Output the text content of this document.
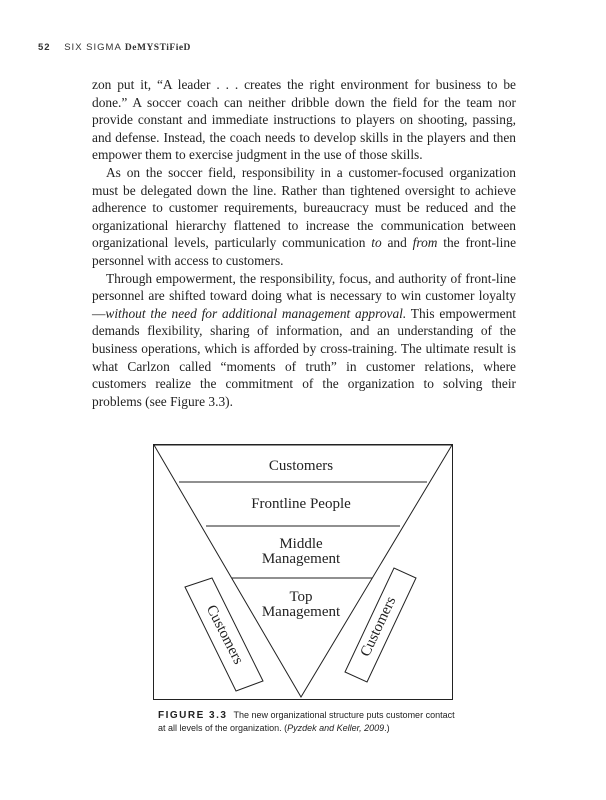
52 SIX SIGMA DeMYSTiFieD

zon put it, “A leader . . . creates the right environment for business to be done.” A soccer coach can neither dribble down the field for the team nor provide constant and immediate instructions to players on shooting, passing, and defense. Instead, the coach needs to develop skills in the players and then empower them to exercise judgment in the use of those skills.

As on the soccer field, responsibility in a customer-focused organization must be delegated down the line. Rather than tightened oversight to achieve adherence to customer requirements, bureaucracy must be reduced and the organizational hierarchy flattened to increase the communication between organizational levels, particularly communication to and from the front-line personnel with access to customers.

Through empowerment, the responsibility, focus, and authority of front-line personnel are shifted toward doing what is necessary to win customer loyalty—without the need for additional management approval. This empowerment demands flexibility, sharing of information, and an understanding of the business operations, which is afforded by cross-training. The ultimate result is what Carlzon called “moments of truth” in customer relations, where customers realize the commitment of the organization to solving their problems (see Figure 3.3).

Customers
Frontline People
Middle
Management
Top
Management
Customers	Customers
FIGURE 3.3 The new organizational structure puts customer contact at all levels of the organization. (Pyzdek and Keller, 2009.)
